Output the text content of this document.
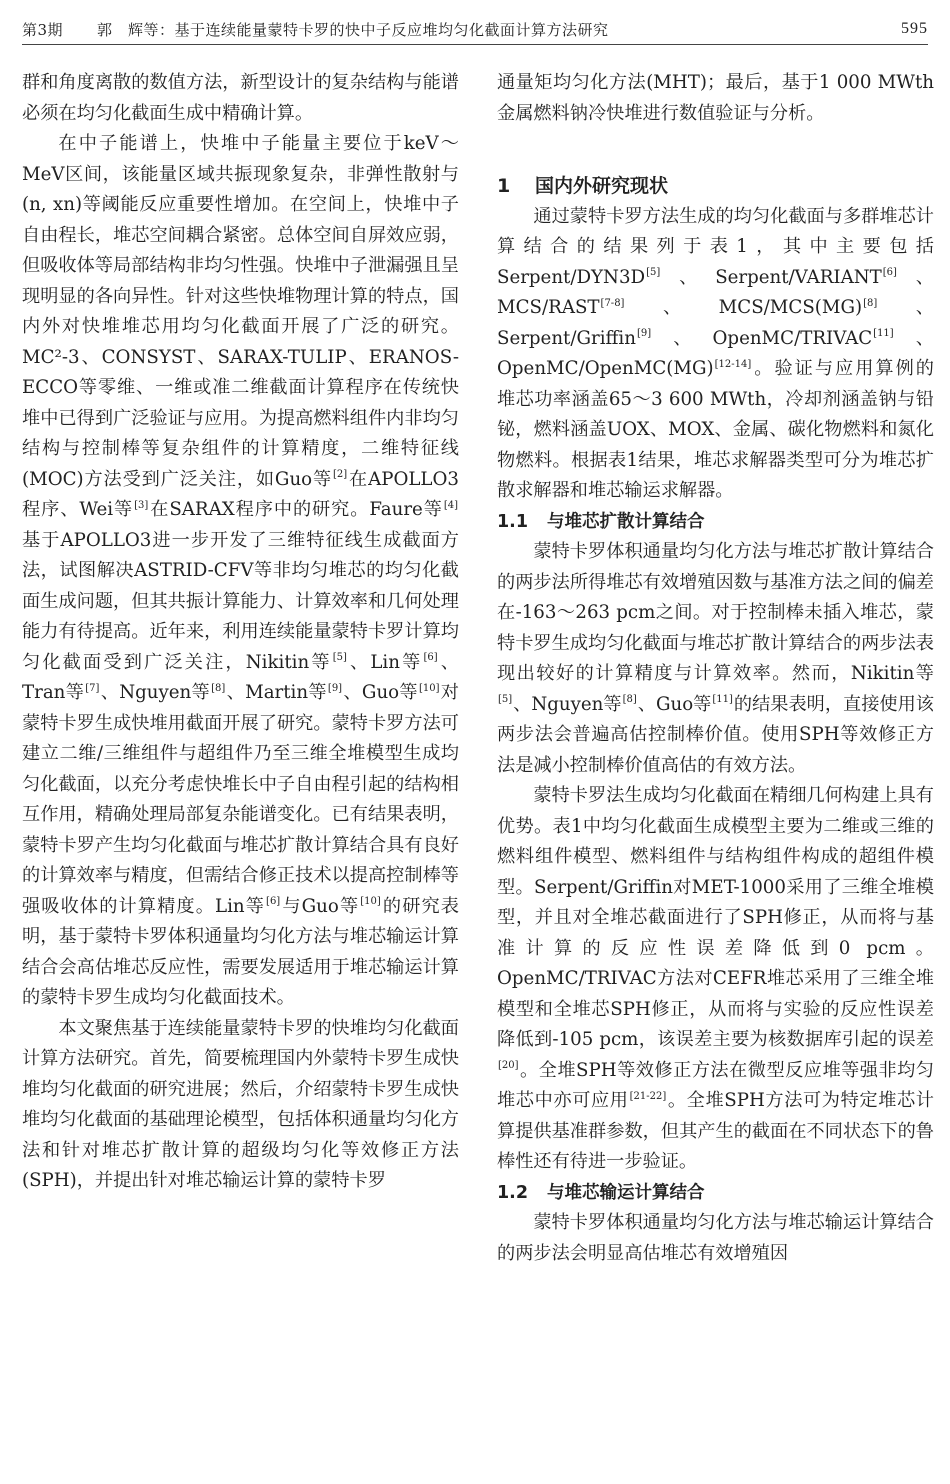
第3期 郭　辉等：基于连续能量蒙特卡罗的快中子反应堆均匀化截面计算方法研究	595

群和角度离散的数值方法，新型设计的复杂结构与能谱必须在均匀化截面生成中精确计算。

在中子能谱上，快堆中子能量主要位于keV～MeV区间，该能量区域共振现象复杂，非弹性散射与(n, xn)等阈能反应重要性增加。在空间上，快堆中子自由程长，堆芯空间耦合紧密。总体空间自屏效应弱，但吸收体等局部结构非均匀性强。快堆中子泄漏强且呈现明显的各向异性。针对这些快堆物理计算的特点，国内外对快堆堆芯用均匀化截面开展了广泛的研究。MC²-3、CONSYST、SARAX-TULIP、ERANOS-ECCO等零维、一维或准二维截面计算程序在传统快堆中已得到广泛验证与应用。为提高燃料组件内非均匀结构与控制棒等复杂组件的计算精度，二维特征线(MOC)方法受到广泛关注，如Guo等[2]在APOLLO3程序、Wei等[3]在SARAX程序中的研究。Faure等[4]基于APOLLO3进一步开发了三维特征线生成截面方法，试图解决ASTRID-CFV等非均匀堆芯的均匀化截面生成问题，但其共振计算能力、计算效率和几何处理能力有待提高。近年来，利用连续能量蒙特卡罗计算均匀化截面受到广泛关注，Nikitin等[5]、Lin等[6]、Tran等[7]、Nguyen等[8]、Martin等[9]、Guo等[10]对蒙特卡罗生成快堆用截面开展了研究。蒙特卡罗方法可建立二维/三维组件与超组件乃至三维全堆模型生成均匀化截面，以充分考虑快堆长中子自由程引起的结构相互作用，精确处理局部复杂能谱变化。已有结果表明，蒙特卡罗产生均匀化截面与堆芯扩散计算结合具有良好的计算效率与精度，但需结合修正技术以提高控制棒等强吸收体的计算精度。Lin等[6]与Guo等[10]的研究表明，基于蒙特卡罗体积通量均匀化方法与堆芯输运计算结合会高估堆芯反应性，需要发展适用于堆芯输运计算的蒙特卡罗生成均匀化截面技术。

本文聚焦基于连续能量蒙特卡罗的快堆均匀化截面计算方法研究。首先，简要梳理国内外蒙特卡罗生成快堆均匀化截面的研究进展；然后，介绍蒙特卡罗生成快堆均匀化截面的基础理论模型，包括体积通量均匀化方法和针对堆芯扩散计算的超级均匀化等效修正方法(SPH)，并提出针对堆芯输运计算的蒙特卡罗

通量矩均匀化方法(MHT)；最后，基于1 000 MWth金属燃料钠冷快堆进行数值验证与分析。

1 国内外研究现状

通过蒙特卡罗方法生成的均匀化截面与多群堆芯计算结合的结果列于表1，其中主要包括Serpent/DYN3D[5]、Serpent/VARIANT[6]、MCS/RAST[7-8]、MCS/MCS(MG)[8]、Serpent/Griffin[9]、OpenMC/TRIVAC[11]、OpenMC/OpenMC(MG)[12-14]。验证与应用算例的堆芯功率涵盖65～3 600 MWth，冷却剂涵盖钠与铅铋，燃料涵盖UOX、MOX、金属、碳化物燃料和氮化物燃料。根据表1结果，堆芯求解器类型可分为堆芯扩散求解器和堆芯输运求解器。

1.1 与堆芯扩散计算结合

蒙特卡罗体积通量均匀化方法与堆芯扩散计算结合的两步法所得堆芯有效增殖因数与基准方法之间的偏差在-163～263 pcm之间。对于控制棒未插入堆芯，蒙特卡罗生成均匀化截面与堆芯扩散计算结合的两步法表现出较好的计算精度与计算效率。然而，Nikitin等[5]、Nguyen等[8]、Guo等[11]的结果表明，直接使用该两步法会普遍高估控制棒价值。使用SPH等效修正方法是减小控制棒价值高估的有效方法。

蒙特卡罗法生成均匀化截面在精细几何构建上具有优势。表1中均匀化截面生成模型主要为二维或三维的燃料组件模型、燃料组件与结构组件构成的超组件模型。Serpent/Griffin对MET-1000采用了三维全堆模型，并且对全堆芯截面进行了SPH修正，从而将与基准计算的反应性误差降低到0 pcm。OpenMC/TRIVAC方法对CEFR堆芯采用了三维全堆模型和全堆芯SPH修正，从而将与实验的反应性误差降低到-105 pcm，该误差主要为核数据库引起的误差[20]。全堆SPH等效修正方法在微型反应堆等强非均匀堆芯中亦可应用[21-22]。全堆SPH方法可为特定堆芯计算提供基准群参数，但其产生的截面在不同状态下的鲁棒性还有待进一步验证。

1.2 与堆芯输运计算结合

蒙特卡罗体积通量均匀化方法与堆芯输运计算结合的两步法会明显高估堆芯有效增殖因
